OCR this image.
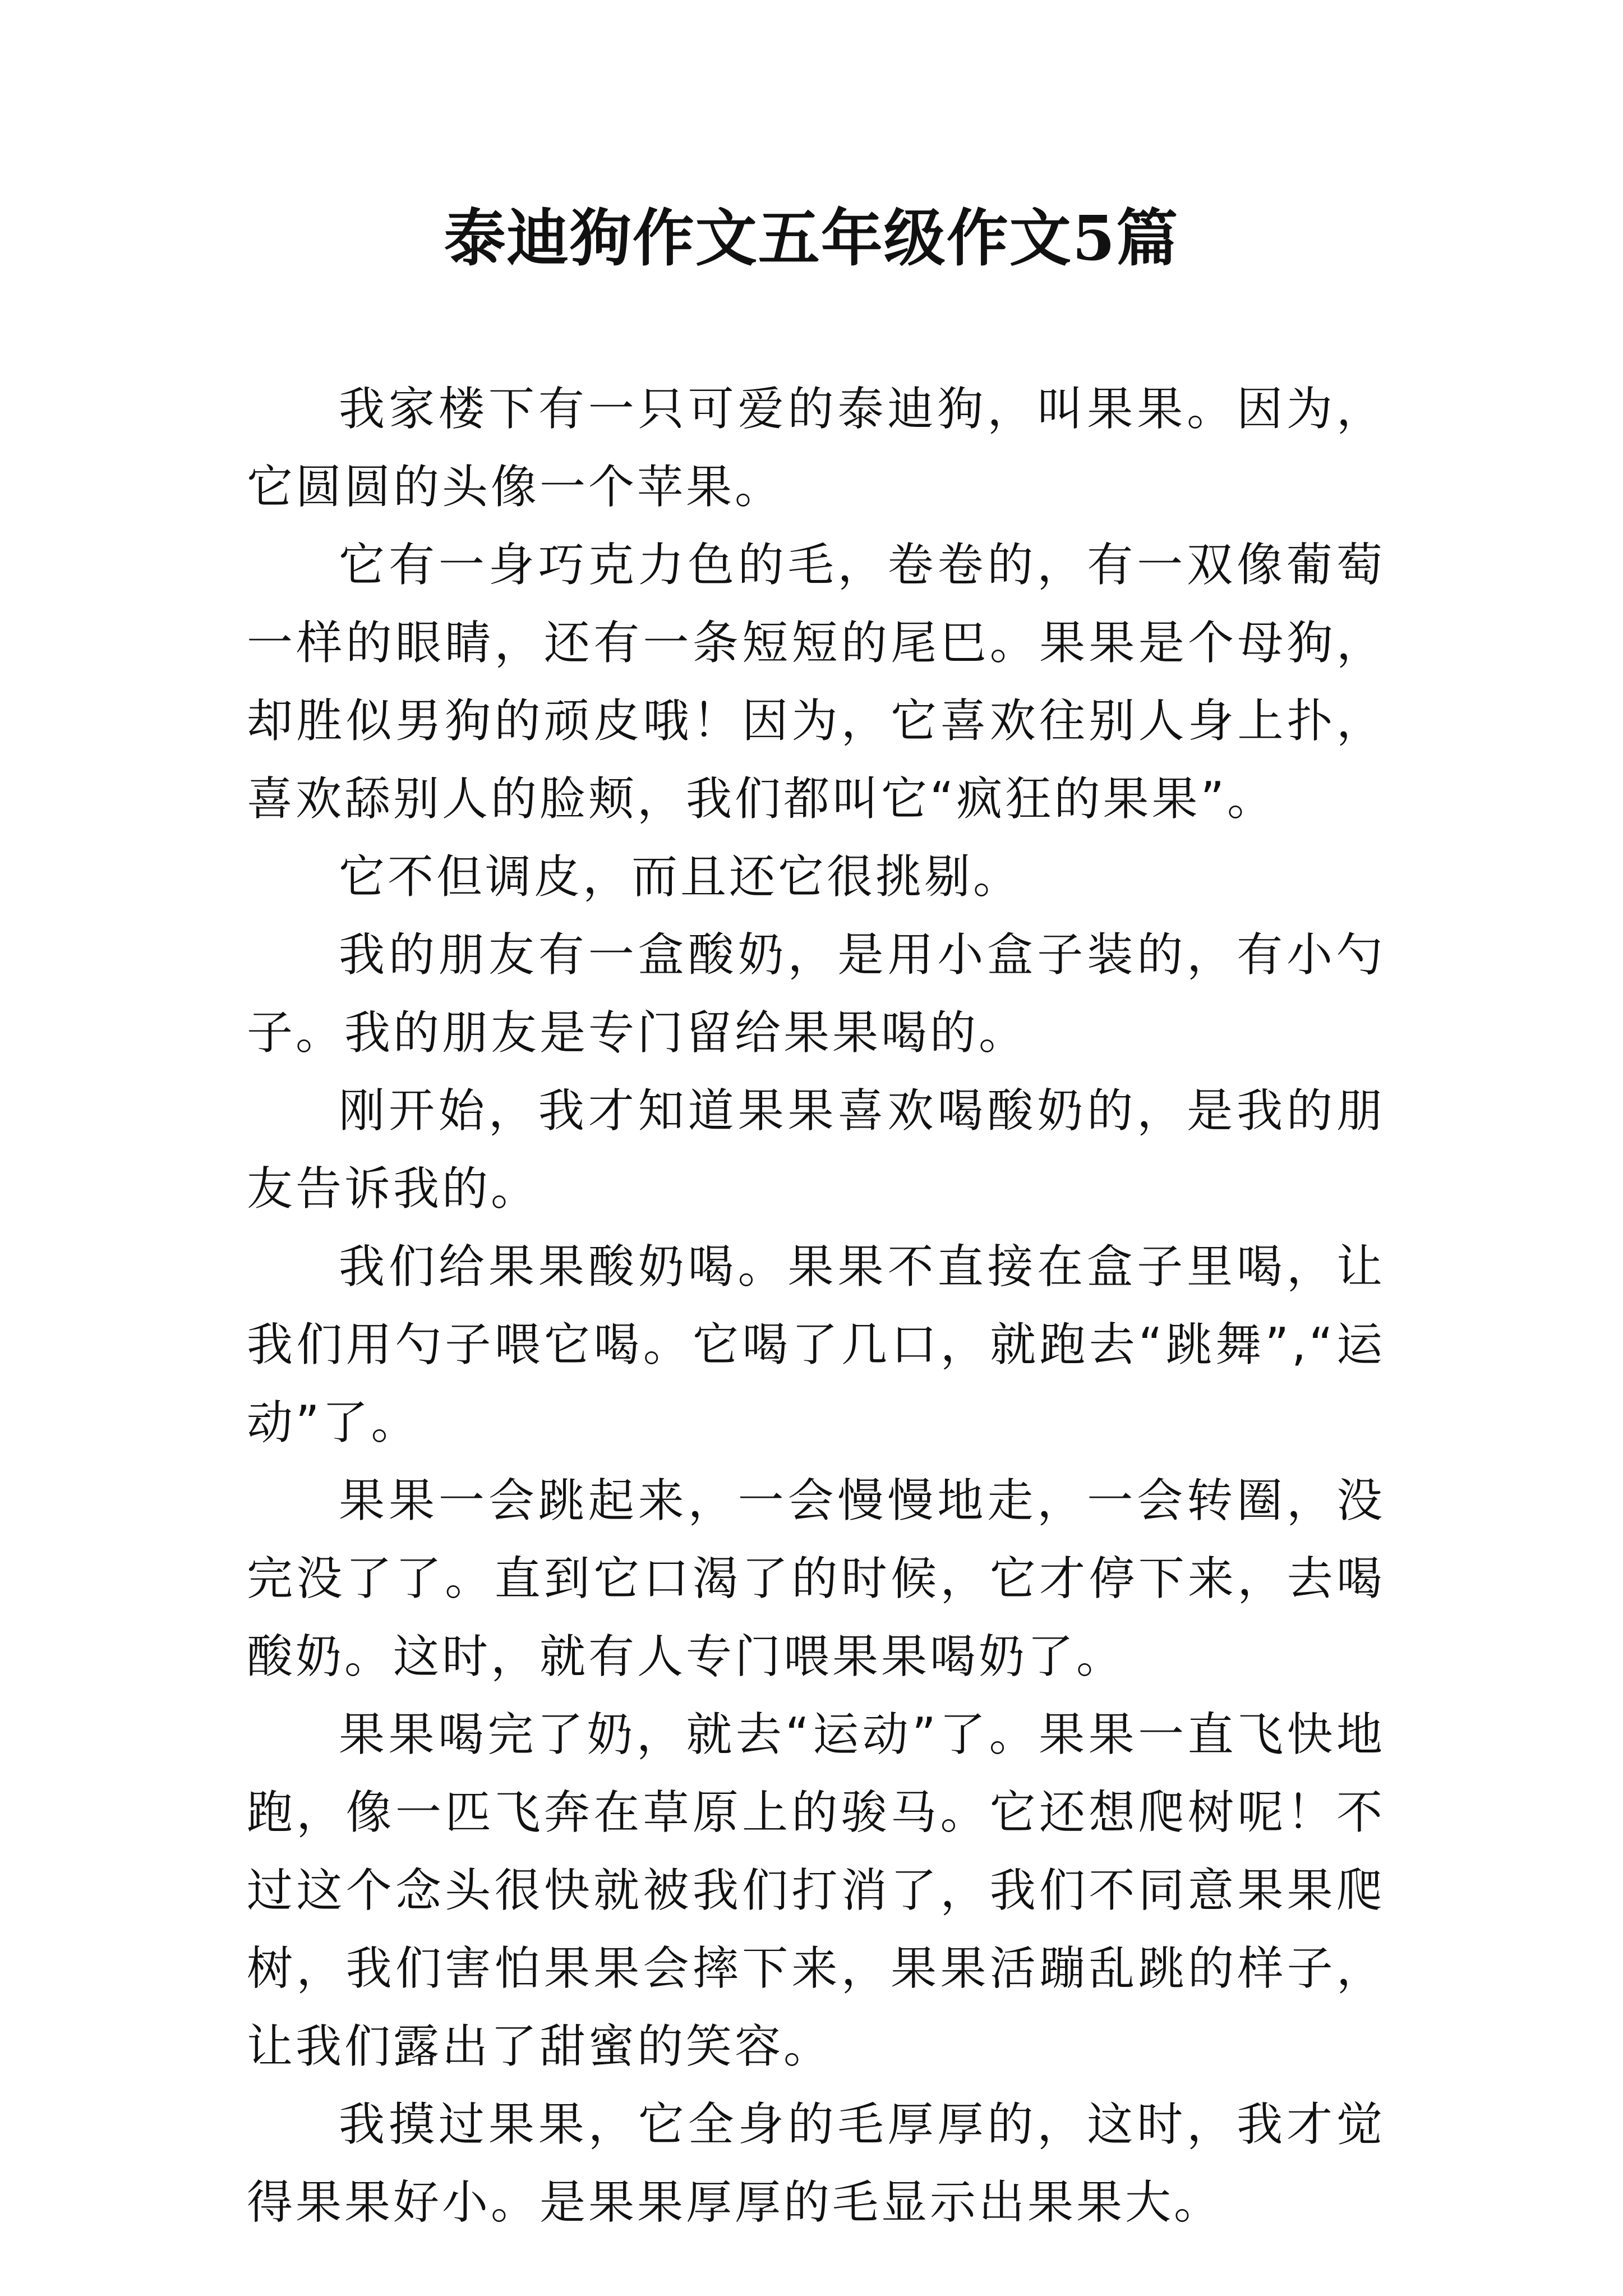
泰迪狗作文五年级作文5篇

我家楼下有一只可爱的泰迪狗，叫果果。因为，它圆圆的头像一个苹果。

它有一身巧克力色的毛，卷卷的，有一双像葡萄一样的眼睛，还有一条短短的尾巴。果果是个母狗，却胜似男狗的顽皮哦！因为，它喜欢往别人身上扑，喜欢舔别人的脸颊，我们都叫它“疯狂的果果”。

它不但调皮，而且还它很挑剔。

我的朋友有一盒酸奶，是用小盒子装的，有小勺子。我的朋友是专门留给果果喝的。

刚开始，我才知道果果喜欢喝酸奶的，是我的朋友告诉我的。

我们给果果酸奶喝。果果不直接在盒子里喝，让我们用勺子喂它喝。它喝了几口，就跑去“跳舞”,“运动”了。

果果一会跳起来，一会慢慢地走，一会转圈，没完没了了。直到它口渴了的时候，它才停下来，去喝酸奶。这时，就有人专门喂果果喝奶了。

果果喝完了奶，就去“运动”了。果果一直飞快地跑，像一匹飞奔在草原上的骏马。它还想爬树呢！不过这个念头很快就被我们打消了，我们不同意果果爬树，我们害怕果果会摔下来，果果活蹦乱跳的样子，让我们露出了甜蜜的笑容。

我摸过果果，它全身的毛厚厚的，这时，我才觉得果果好小。是果果厚厚的毛显示出果果大。
